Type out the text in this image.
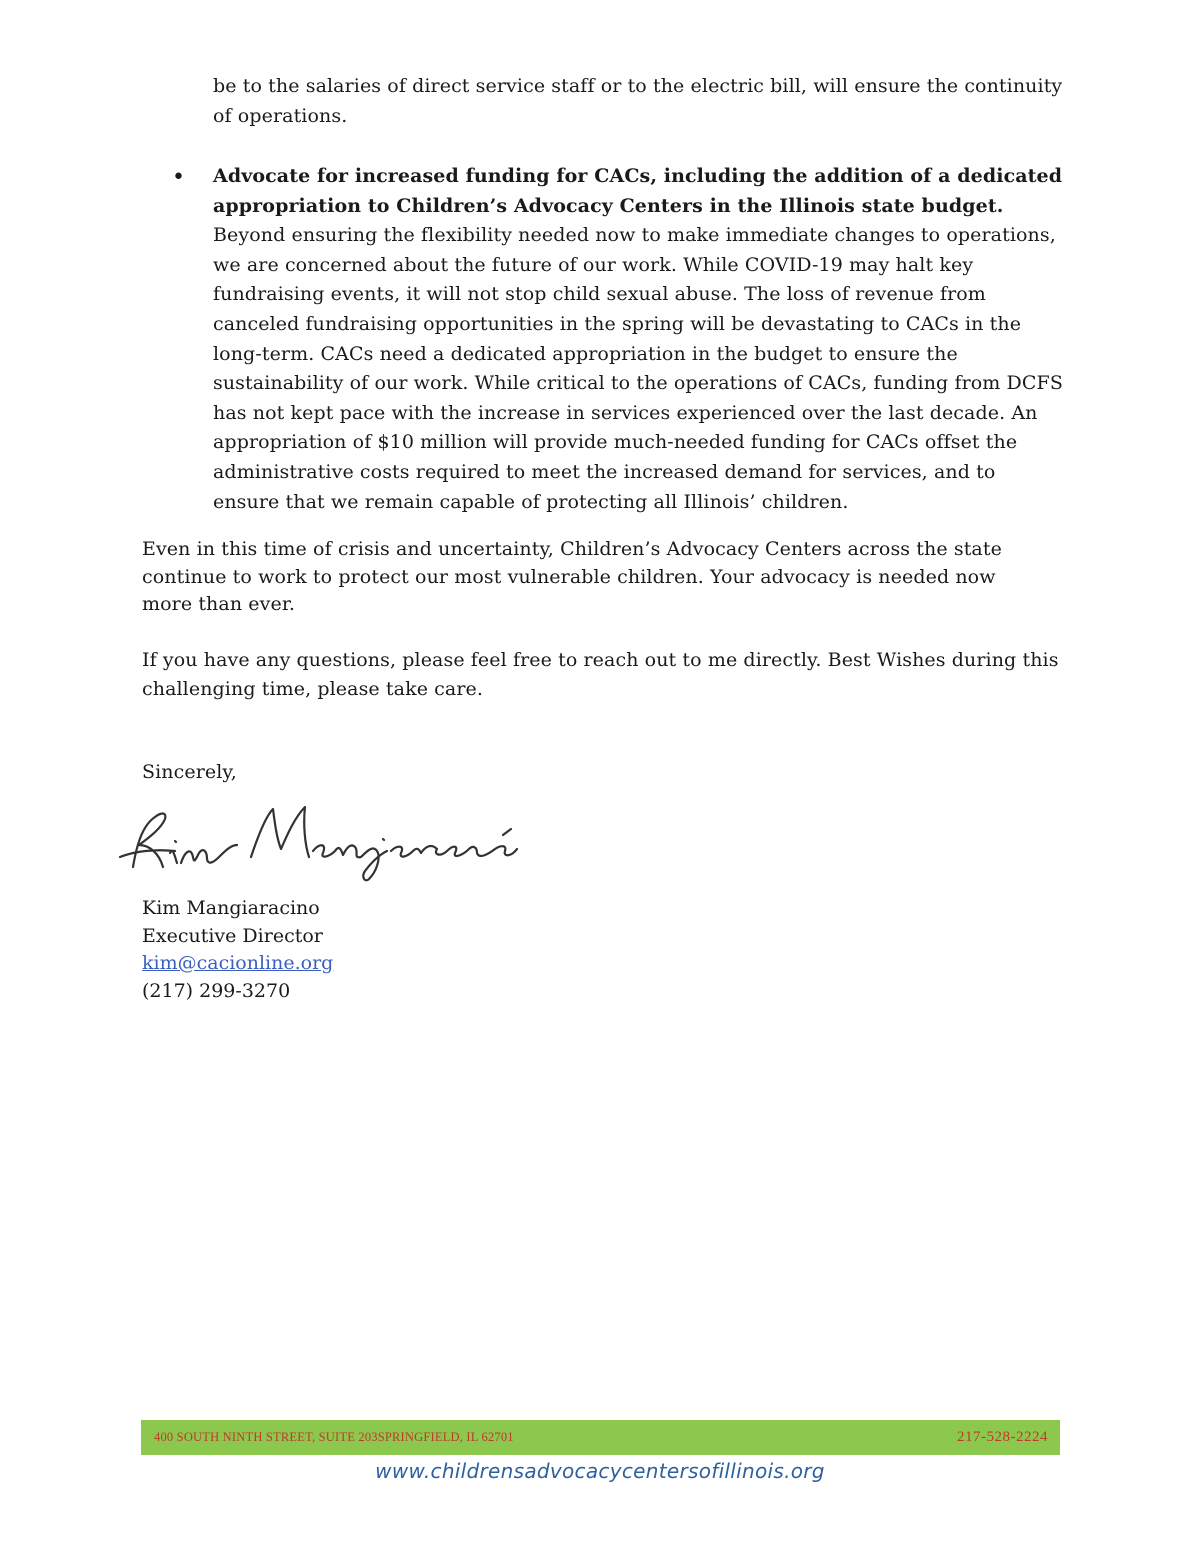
be to the salaries of direct service staff or to the electric bill, will ensure the continuity of operations.

• Advocate for increased funding for CACs, including the addition of a dedicated appropriation to Children’s Advocacy Centers in the Illinois state budget.
Beyond ensuring the flexibility needed now to make immediate changes to operations, we are concerned about the future of our work. While COVID-19 may halt key fundraising events, it will not stop child sexual abuse. The loss of revenue from canceled fundraising opportunities in the spring will be devastating to CACs in the long-term. CACs need a dedicated appropriation in the budget to ensure the sustainability of our work. While critical to the operations of CACs, funding from DCFS has not kept pace with the increase in services experienced over the last decade. An appropriation of $10 million will provide much-needed funding for CACs offset the administrative costs required to meet the increased demand for services, and to ensure that we remain capable of protecting all Illinois’ children.

Even in this time of crisis and uncertainty, Children’s Advocacy Centers across the state continue to work to protect our most vulnerable children. Your advocacy is needed now more than ever.

If you have any questions, please feel free to reach out to me directly. Best Wishes during this challenging time, please take care.

Sincerely,

Kim Mangiaracino
Executive Director
kim@cacionline.org
(217) 299-3270
400 SOUTH NINTH STREET, SUITE 203SPRINGFIELD, IL 62701	217-528-2224
www.childrensadvocacycentersofillinois.org
